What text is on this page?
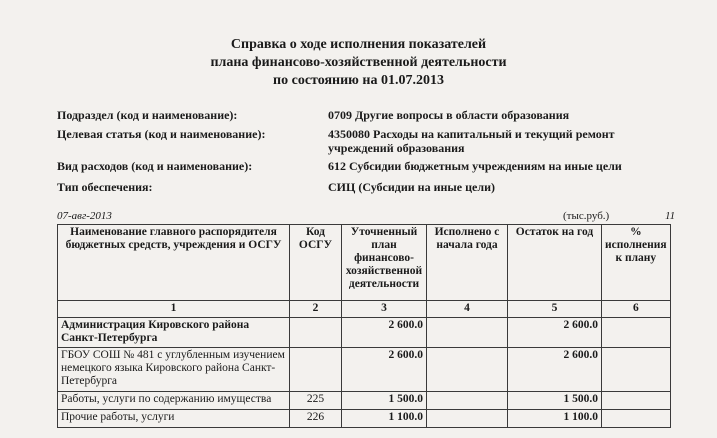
Справка о ходе исполнения показателей
плана финансово-хозяйственной деятельности
по состоянию на 01.07.2013
Подраздел (код и наименование):	0709 Другие вопросы в области образования
Целевая статья (код и наименование):	4350080 Расходы на капитальный и текущий ремонт учреждений образования
Вид расходов (код и наименование):	612 Субсидии бюджетным учреждениям на иные цели
Тип обеспечения:	СИЦ (Субсидии на иные цели)
07-авг-2013	(тыс.руб.)	11
Наименование главного распорядителя бюджетных средств, учреждения и ОСГУ	Код ОСГУ	Уточненный план финансово-хозяйственной деятельности	Исполнено с начала года	Остаток на год	% исполнения к плану
1	2	3	4	5	6
Администрация Кировского района Санкт-Петербурга		2 600.0		2 600.0	
ГБОУ СОШ № 481 с углубленным изучением немецкого языка Кировского района Санкт-Петербурга		2 600.0		2 600.0	
Работы, услуги по содержанию имущества	225	1 500.0		1 500.0	
Прочие работы, услуги	226	1 100.0		1 100.0	
